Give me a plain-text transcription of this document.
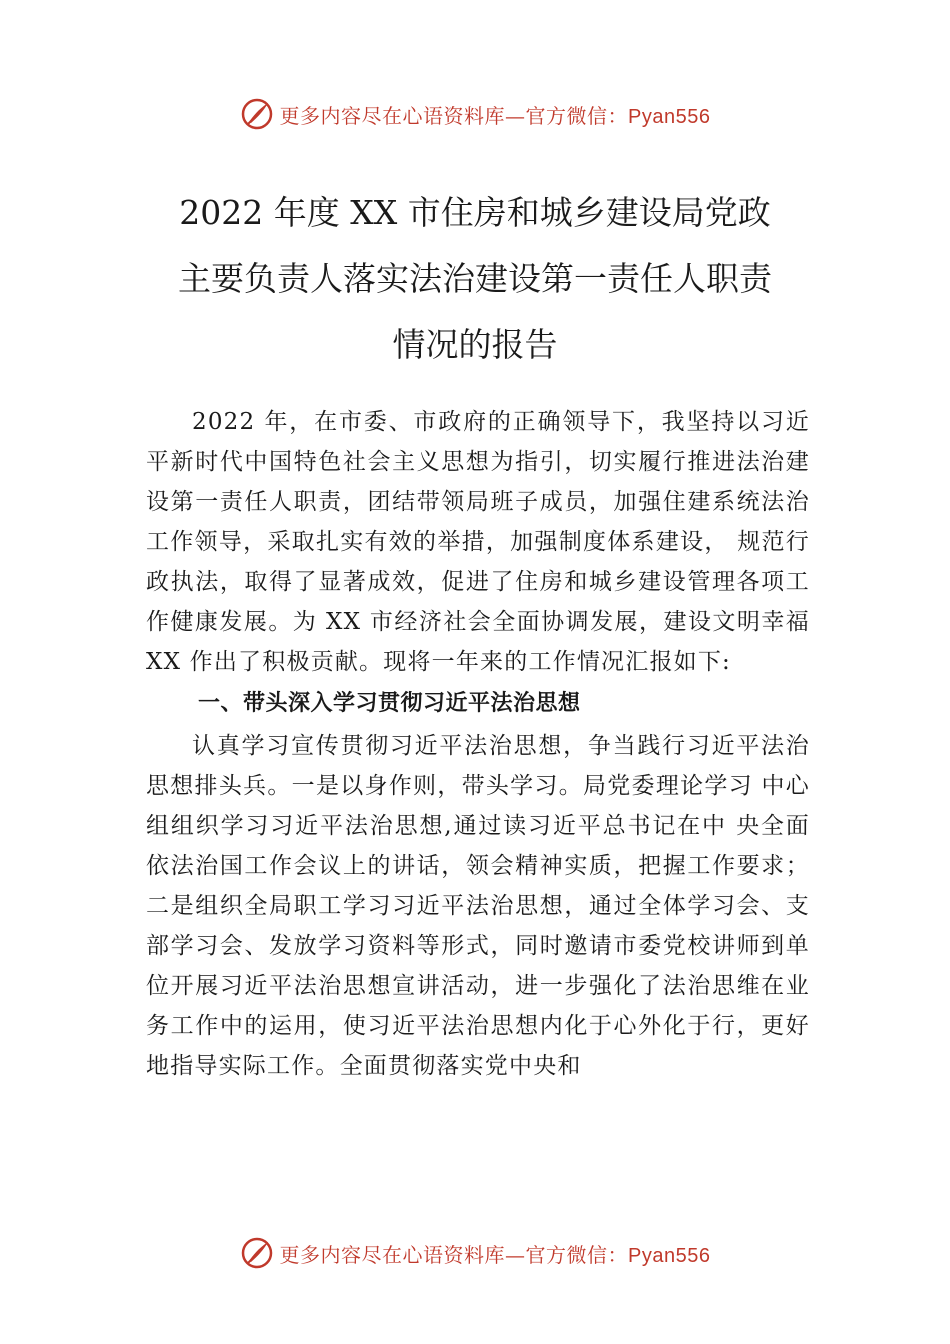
更多内容尽在心语资料库—官方微信：Pyan556
2022 年度 XX 市住房和城乡建设局党政
主要负责人落实法治建设第一责任人职责
情况的报告

2022 年，在市委、市政府的正确领导下，我坚持以习近平新时代中国特色社会主义思想为指引，切实履行推进法治建设第一责任人职责，团结带领局班子成员，加强住建系统法治工作领导，采取扎实有效的举措，加强制度体系建设， 规范行政执法，取得了显著成效，促进了住房和城乡建设管理各项工作健康发展。为 XX 市经济社会全面协调发展，建设文明幸福 XX 作出了积极贡献。现将一年来的工作情况汇报如下:

一、带头深入学习贯彻习近平法治思想

认真学习宣传贯彻习近平法治思想，争当践行习近平法治思想排头兵。一是以身作则，带头学习。局党委理论学习 中心组组织学习习近平法治思想,通过读习近平总书记在中 央全面依法治国工作会议上的讲话，领会精神实质，把握工作要求；二是组织全局职工学习习近平法治思想，通过全体学习会、支部学习会、发放学习资料等形式，同时邀请市委党校讲师到单位开展习近平法治思想宣讲活动，进一步强化了法治思维在业务工作中的运用，使习近平法治思想内化于心外化于行，更好地指导实际工作。全面贯彻落实党中央和

更多内容尽在心语资料库—官方微信：Pyan556
